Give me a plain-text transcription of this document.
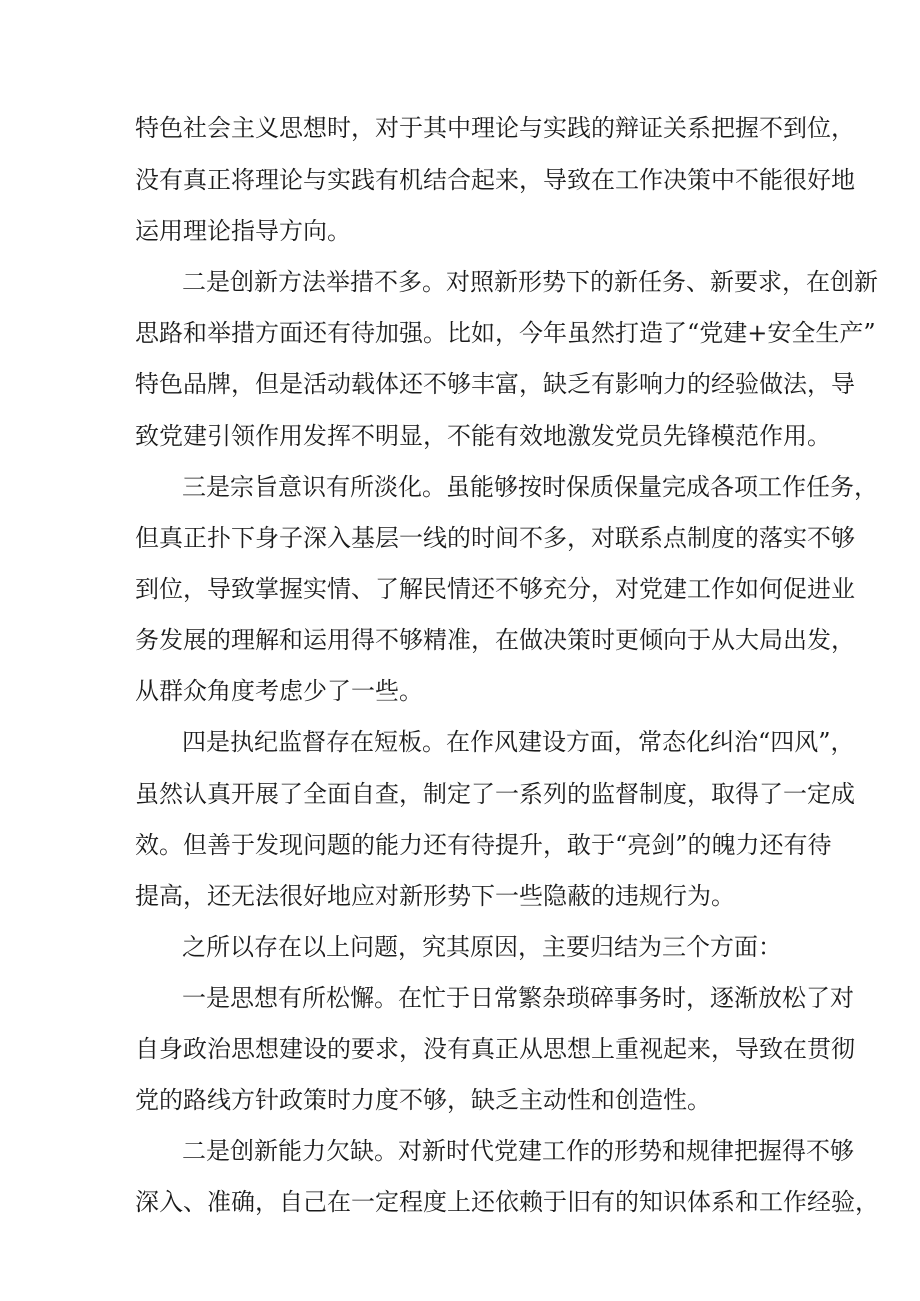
特色社会主义思想时，对于其中理论与实践的辩证关系把握不到位，

没有真正将理论与实践有机结合起来，导致在工作决策中不能很好地

运用理论指导方向。

二是创新方法举措不多。对照新形势下的新任务、新要求，在创新

思路和举措方面还有待加强。比如，今年虽然打造了“党建+安全生产”

特色品牌，但是活动载体还不够丰富，缺乏有影响力的经验做法，导

致党建引领作用发挥不明显，不能有效地激发党员先锋模范作用。

三是宗旨意识有所淡化。虽能够按时保质保量完成各项工作任务，

但真正扑下身子深入基层一线的时间不多，对联系点制度的落实不够

到位，导致掌握实情、了解民情还不够充分，对党建工作如何促进业

务发展的理解和运用得不够精准，在做决策时更倾向于从大局出发，

从群众角度考虑少了一些。

四是执纪监督存在短板。在作风建设方面，常态化纠治“四风”，

虽然认真开展了全面自查，制定了一系列的监督制度，取得了一定成

效。但善于发现问题的能力还有待提升，敢于“亮剑”的魄力还有待

提高，还无法很好地应对新形势下一些隐蔽的违规行为。

之所以存在以上问题，究其原因，主要归结为三个方面：

一是思想有所松懈。在忙于日常繁杂琐碎事务时，逐渐放松了对

自身政治思想建设的要求，没有真正从思想上重视起来，导致在贯彻

党的路线方针政策时力度不够，缺乏主动性和创造性。

二是创新能力欠缺。对新时代党建工作的形势和规律把握得不够

深入、准确，自己在一定程度上还依赖于旧有的知识体系和工作经验，
